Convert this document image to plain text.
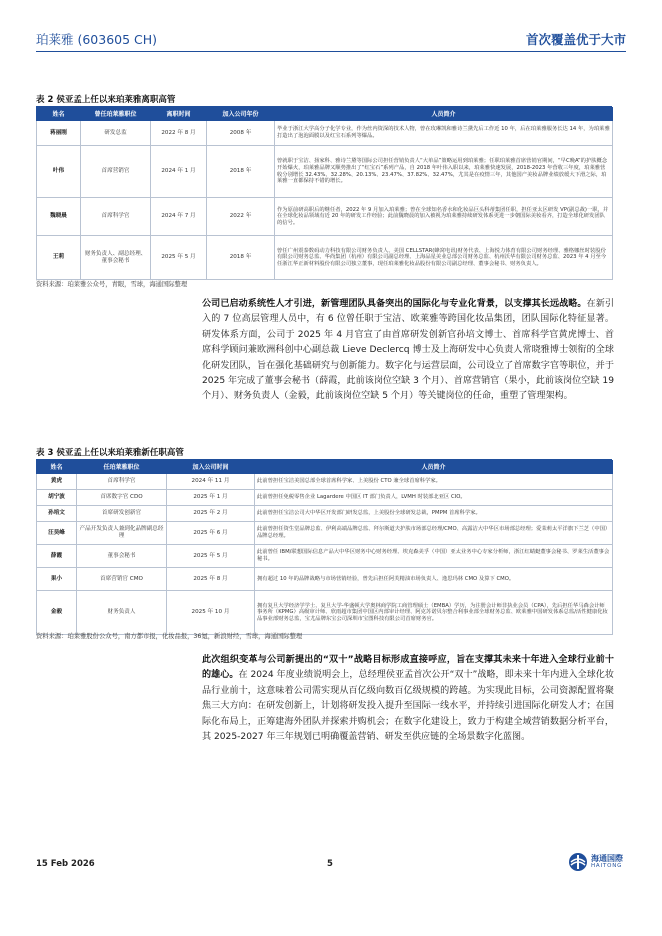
珀莱雅 (603605 CH)	首次覆盖优于大市
表 2 侯亚孟上任以来珀莱雅离职高管
姓名	曾任珀莱雅职位	离职时间	加入公司年份	人员简介
蒋丽刚	研发总监	2022 年 8 月	2008 年	毕业于浙江大学高分子化学专业，作为丝内资深的技术人物，曾在玫琳凯和雅诗兰黛先后工作近 10 年，后在珀莱雅服务长达 14 年，为珀莱雅打造出了泡泡面膜以及红宝石系列等爆品。
叶伟	首席营销官	2024 年 1 月	2018 年	曾就职于宝洁、扬家科、雅诗兰黛等国际公司担任营销负责人“大单品”策略运用到珀莱雅；任职珀莱雅首席营销官期间，“早C晚A”的护肤概念开始爆火，珀莱雅品牌又顺势推出了“红宝石”系列产品，自 2018 年叶伟入职以来，珀莱雅快速发展，2018-2023 年营收三年度，珀莱雅营收分别增长 32.43%、32.28%、20.13%、23.47%、37.82%、32.47%，尤其是在疫情三年，其他国产美妆品牌业绩放缓大下滑之际，珀莱雅一直都保持不错的增长。
魏晓晨	首席科学官	2024 年 7 月	2022 年	作为原前研高职后的继任者，2022 年 9 月加入珀莱雅；曾在全球知名香水和化妆品巨头科蒂集团任职，担任亚太区研发 VP(副总裁)一职，并在全球化妆品领域有近 20 年的研发工作经验；此前魏晓晨的加入被视为珀莱雅持续研发体系更进一步朝国际美妆看齐，打造全球化研发团队的信号。
王莉	财务负责人、副总经理、董事会秘书	2025 年 5 月	2018 年	曾任广州震泰数码动力科技有限公司财务负责人、美国 CELLSTAR(蜂窝电讯)财务代表、上海悦力体育有限公司财务经理、雅格娜丝时装股份有限公司财务总监、华尚集团（杭州）有限公司副总经理、上海品星美业总部公司财务总监、杭州沃华有限公司财务总监、2023 年 4 月至今任浙江华正新材料股份有限公司独立董事，现任珀莱雅化妆品股份有限公司副总经理、董事会秘书、财务负责人。
资料来源：珀莱雅公众号，青眼，雪球，海通国际整理
公司已启动系统性人才引进，新管理团队具备突出的国际化与专业化背景，以支撑其长远战略。在新引入的 7 位高层管理人员中，有 6 位曾任职于宝洁、欧莱雅等跨国化妆品集团，团队国际化特征显著。研发体系方面，公司于 2025 年 4 月官宣了由首席研发创新官孙培文博士、首席科学官黄虎博士、首席科学顾问兼欧洲科创中心副总裁 Lieve Declercq 博士及上海研发中心负责人常晓雅博士领衔的全球化研发团队，旨在强化基础研究与创新能力。数字化与运营层面，公司设立了首席数字官等职位，并于 2025 年完成了董事会秘书（薛霞，此前该岗位空缺 3 个月）、首席营销官（果小，此前该岗位空缺 19 个月）、财务负责人（金毅，此前该岗位空缺 5 个月）等关键岗位的任命，重塑了管理架构。
表 3 侯亚孟上任以来珀莱雅新任职高管
姓名	任珀莱雅职位	加入公司时间	人员简介
黄虎	首席科学官	2024 年 11 月	此前曾担任宝洁美国总部全球首席科学家、上美股份 CTO 兼全球首席科学家。
胡宁波	首席数字官 CDO	2025 年 1 月	此前曾担任免税零售企业 Lagardere 中国区 IT 部门负责人，LVMH 时装部北亚区 CIO。
孙培文	首席研发创新官	2025 年 2 月	此前曾担任宝洁公司大中华区开发部门研发总监，上美股份全球研发总裁，PMPM 首席科学家。
汪昊峰	产品开发负责人兼到化品牌副总经理	2025 年 6 月	此前曾担任资生堂品牌总监、伊利高端品牌总监、拜尔斯道夫护肤市场部总经理/CMO、高露洁大中华区市场部总经理；爱茉莉太平洋旗下兰芝（中国）品牌总经理。
薛霞	董事会秘书	2025 年 5 月	此前曾任 IBM/联想国际信息产品大中华区财务中心财务经理、埃克森美孚（中国）亚太业务中心专家分析师，浙江红蜻蜓董事会秘书、罗莱生活董事会秘书。
果小	首席营销官 CMO	2025 年 8 月	拥有超过 10 年的品牌战略与市场营销经验，曾先后担任阿芙精油市场负责人、逸思玛林 CMO 及算下 CMO。
金毅	财务负责人	2025 年 10 月	拥有复旦大学经济学学士、复旦大学-华盛顿大学奥林商学院工商管理硕士（EMBA）学历，为注册会计师非执业会员（CPA），先后担任华马森会计师事务所（KPMG）高级审计师、欣雨超市集团中国区内部审计经理、阿克苏诺贝尔整合利事业部全球财务总监、欧莱雅中国研发体系总监/活性健康化妆品事业部财务总监，宝尤品牌东宝公司深圳市宝图科技有限公司首席财务官。
资料来源：珀莱雅股份公众号，南方都市报，化妆品报，36氪，新浪财经，雪球，海通国际整理
此次组织变革与公司新提出的“双十”战略目标形成直接呼应，旨在支撑其未来十年进入全球行业前十的雄心。在 2024 年度业绩说明会上，总经理侯亚孟首次公开“双十”战略，即未来十年内进入全球化妆品行业前十，这意味着公司需实现从百亿级向数百亿级规模的跨越。为实现此目标，公司资源配置将聚焦三大方向：在研发创新上，计划将研发投入提升至国际一线水平，并持续引进国际化研发人才；在国际化布局上，正筹建海外团队并探索并购机会；在数字化建设上，致力于构建全域营销数据分析平台，其 2025-2027 年三年规划已明确覆盖营销、研发至供应链的全场景数字化蓝图。
15 Feb 2026	5
海通国際
HAITONG
